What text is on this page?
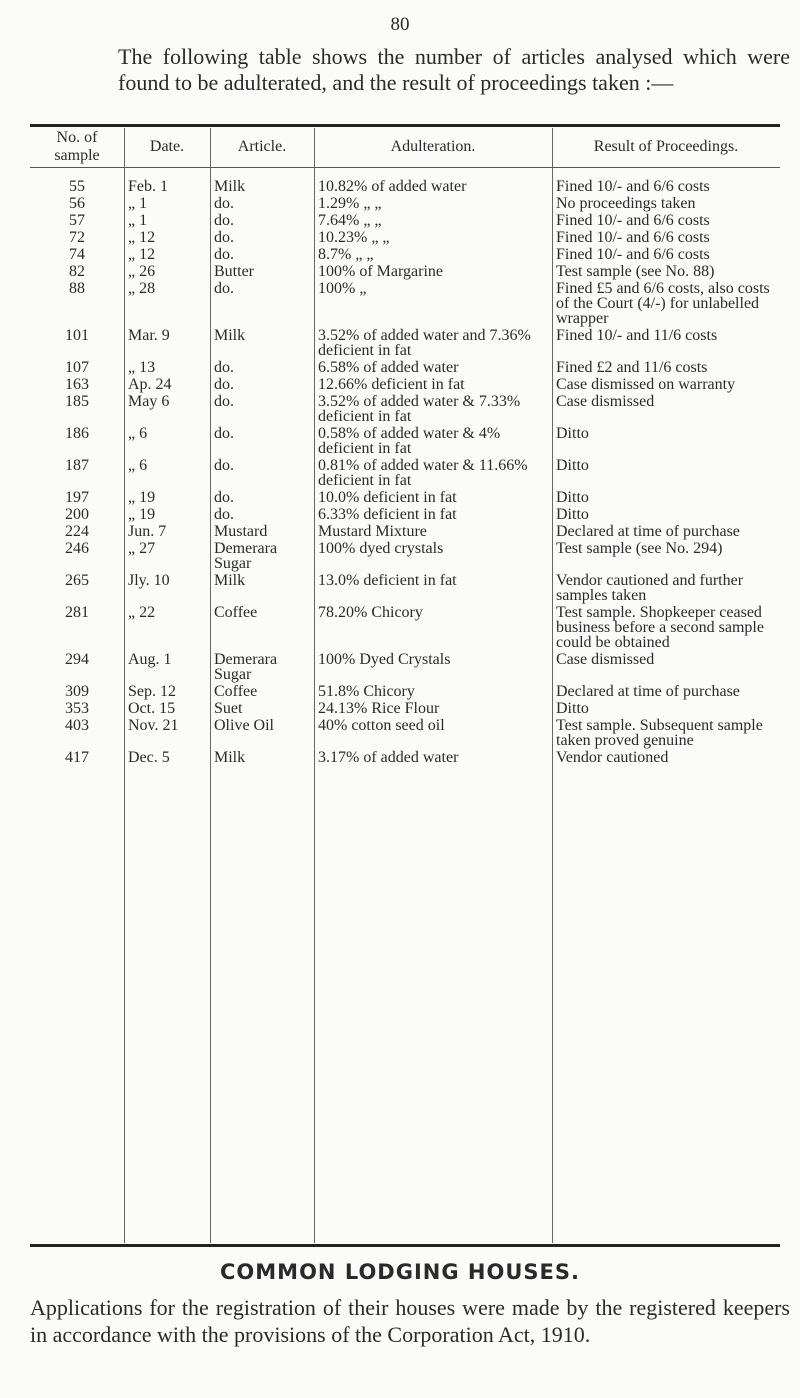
80

The following table shows the number of articles analysed which were found to be adulterated, and the result of proceedings taken :—

No. of sample	Date.	Article.	Adulteration.	Result of Proceedings.

55	Feb. 1	Milk	10.82% of added water	Fined 10/- and 6/6 costs
56	„ 1	do.	1.29% „ „	No proceedings taken
57	„ 1	do.	7.64% „ „	Fined 10/- and 6/6 costs
72	„ 12	do.	10.23% „ „	Fined 10/- and 6/6 costs
74	„ 12	do.	8.7% „ „	Fined 10/- and 6/6 costs
82	„ 26	Butter	100% of Margarine	Test sample (see No. 88)
88	„ 28	do.	100% „	Fined £5 and 6/6 costs, also costs of the Court (4/-) for unlabelled wrapper
101	Mar. 9	Milk	3.52% of added water and 7.36% deficient in fat	Fined 10/- and 11/6 costs
107	„ 13	do.	6.58% of added water	Fined £2 and 11/6 costs
163	Ap. 24	do.	12.66% deficient in fat	Case dismissed on warranty
185	May 6	do.	3.52% of added water & 7.33% deficient in fat	Case dismissed
186	„ 6	do.	0.58% of added water & 4% deficient in fat	Ditto
187	„ 6	do.	0.81% of added water & 11.66% deficient in fat	Ditto
197	„ 19	do.	10.0% deficient in fat	Ditto
200	„ 19	do.	6.33% deficient in fat	Ditto
224	Jun. 7	Mustard	Mustard Mixture	Declared at time of purchase
246	„ 27	Demerara Sugar	100% dyed crystals	Test sample (see No. 294)
265	Jly. 10	Milk	13.0% deficient in fat	Vendor cautioned and further samples taken
281	„ 22	Coffee	78.20% Chicory	Test sample. Shopkeeper ceased business before a second sample could be obtained
294	Aug. 1	Demerara Sugar	100% Dyed Crystals	Case dismissed
309	Sep. 12	Coffee	51.8% Chicory	Declared at time of purchase
353	Oct. 15	Suet	24.13% Rice Flour	Ditto
403	Nov. 21	Olive Oil	40% cotton seed oil	Test sample. Subsequent sample taken proved genuine
417	Dec. 5	Milk	3.17% of added water	Vendor cautioned
COMMON LODGING HOUSES.

Applications for the registration of their houses were made by the registered keepers in accordance with the provisions of the Corporation Act, 1910.
